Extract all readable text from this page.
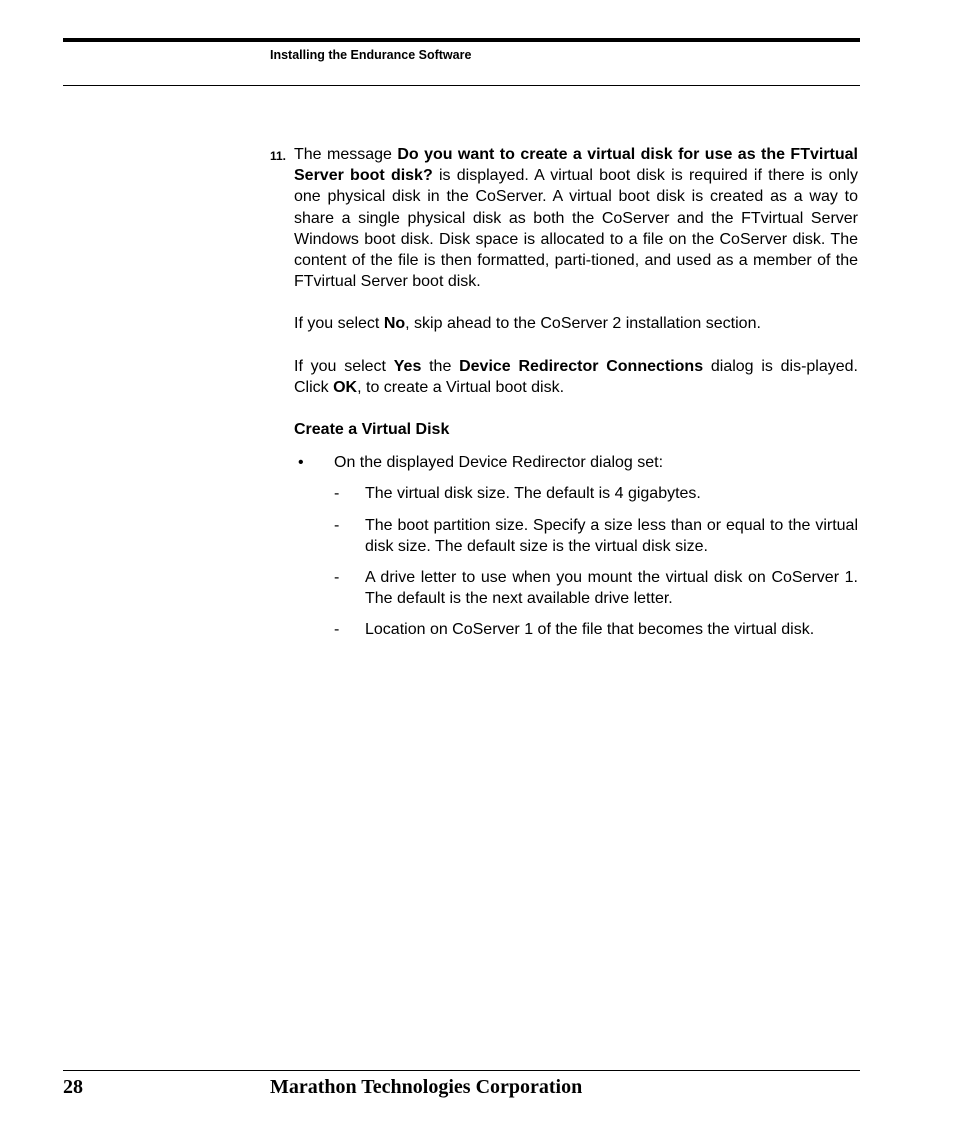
Installing the Endurance Software

11. The message Do you want to create a virtual disk for use as the FTvirtual Server boot disk? is displayed. A virtual boot disk is required if there is only one physical disk in the CoServer. A virtual boot disk is created as a way to share a single physical disk as both the CoServer and the FTvirtual Server Windows boot disk. Disk space is allocated to a file on the CoServer disk. The content of the file is then formatted, parti-tioned, and used as a member of the FTvirtual Server boot disk.

If you select No, skip ahead to the CoServer 2 installation section.

If you select Yes the Device Redirector Connections dialog is dis-played. Click OK, to create a Virtual boot disk.

Create a Virtual Disk

• On the displayed Device Redirector dialog set:
- The virtual disk size. The default is 4 gigabytes.
- The boot partition size. Specify a size less than or equal to the virtual disk size. The default size is the virtual disk size.
- A drive letter to use when you mount the virtual disk on CoServer 1. The default is the next available drive letter.
- Location on CoServer 1 of the file that becomes the virtual disk.
28	Marathon Technologies Corporation
